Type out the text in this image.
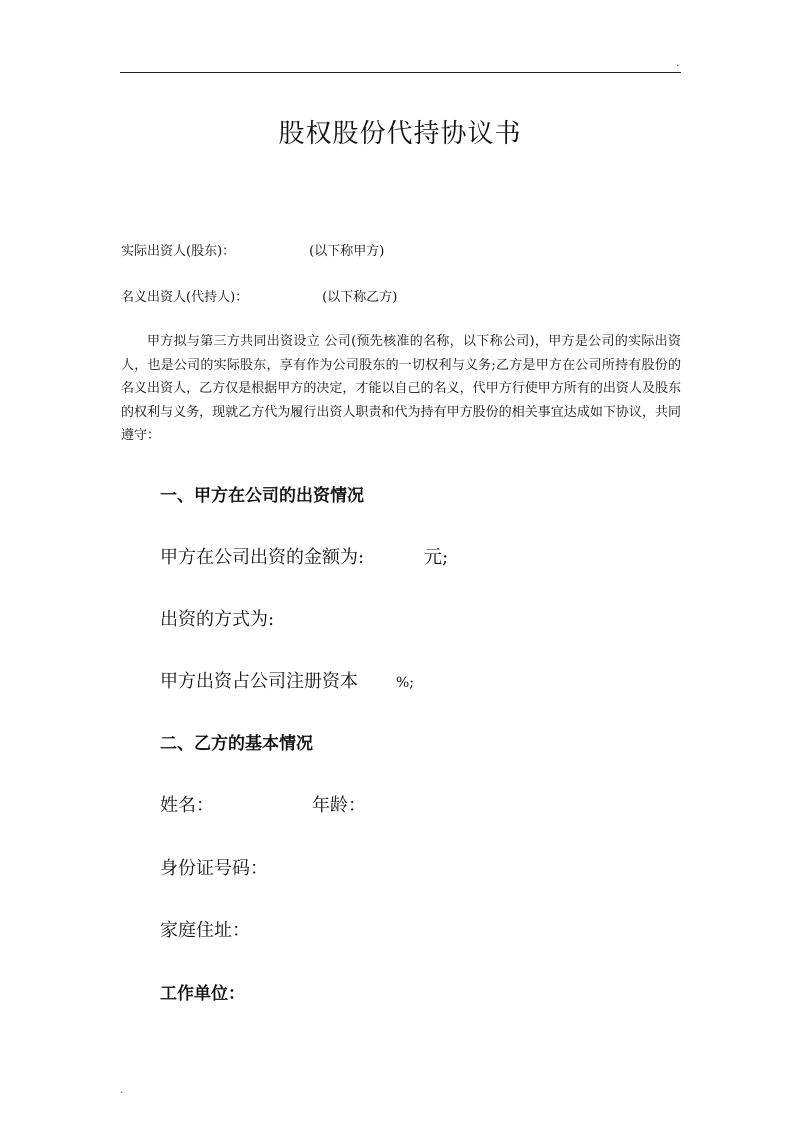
.
股权股份代持协议书
实际出资人(股东)：	(以下称甲方)
名义出资人(代持人)：	(以下称乙方)

甲方拟与第三方共同出资设立 公司(预先核准的名称，以下称公司)，甲方是公司的实际出资人，也是公司的实际股东，享有作为公司股东的一切权利与义务;乙方是甲方在公司所持有股份的名义出资人，乙方仅是根据甲方的决定，才能以自己的名义，代甲方行使甲方所有的出资人及股东的权利与义务，现就乙方代为履行出资人职责和代为持有甲方股份的相关事宜达成如下协议，共同遵守：

一、甲方在公司的出资情况
甲方在公司出资的金额为:	元;
出资的方式为:
甲方出资占公司注册资本	%;
二、乙方的基本情况
姓名：	年龄：
身份证号码：
家庭住址：
工作单位：
.
